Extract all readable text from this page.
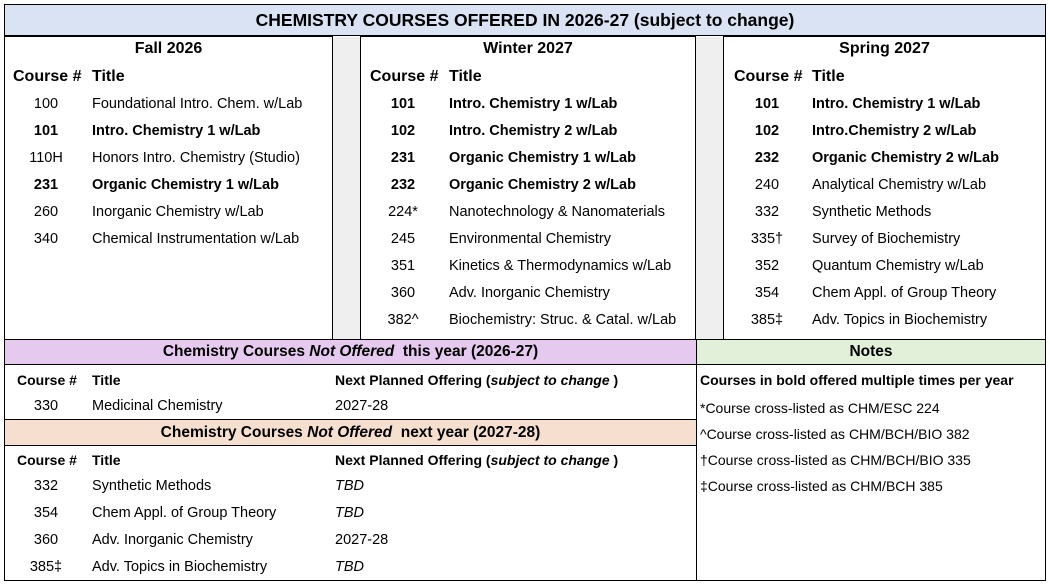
CHEMISTRY COURSES OFFERED IN 2026-27 (subject to change)
Fall 2026
Course # Title
100	Foundational Intro. Chem. w/Lab
101	Intro. Chemistry 1 w/Lab
110H	Honors Intro. Chemistry (Studio)
231	Organic Chemistry 1 w/Lab
260	Inorganic Chemistry w/Lab
340	Chemical Instrumentation w/Lab
Winter 2027
Course # Title
101	Intro. Chemistry 1 w/Lab
102	Intro. Chemistry 2 w/Lab
231	Organic Chemistry 1 w/Lab
232	Organic Chemistry 2 w/Lab
224*	Nanotechnology & Nanomaterials
245	Environmental Chemistry
351	Kinetics & Thermodynamics w/Lab
360	Adv. Inorganic Chemistry
382^	Biochemistry: Struc. & Catal. w/Lab
Spring 2027
Course # Title
101	Intro. Chemistry 1 w/Lab
102	Intro.Chemistry 2 w/Lab
232	Organic Chemistry 2 w/Lab
240	Analytical Chemistry w/Lab
332	Synthetic Methods
335†	Survey of Biochemistry
352	Quantum Chemistry w/Lab
354	Chem Appl. of Group Theory
385‡	Adv. Topics in Biochemistry
Chemistry Courses Not Offered  this year (2026-27)
Course # Title	Next Planned Offering (subject to change )
330	Medicinal Chemistry	2027-28
Chemistry Courses Not Offered  next year (2027-28)
Course # Title	Next Planned Offering (subject to change )
332	Synthetic Methods	TBD
354	Chem Appl. of Group Theory	TBD
360	Adv. Inorganic Chemistry	2027-28
385‡	Adv. Topics in Biochemistry	TBD
Notes
Courses in bold offered multiple times per year
*Course cross-listed as CHM/ESC 224
^Course cross-listed as CHM/BCH/BIO 382
†Course cross-listed as CHM/BCH/BIO 335
‡Course cross-listed as CHM/BCH 385
